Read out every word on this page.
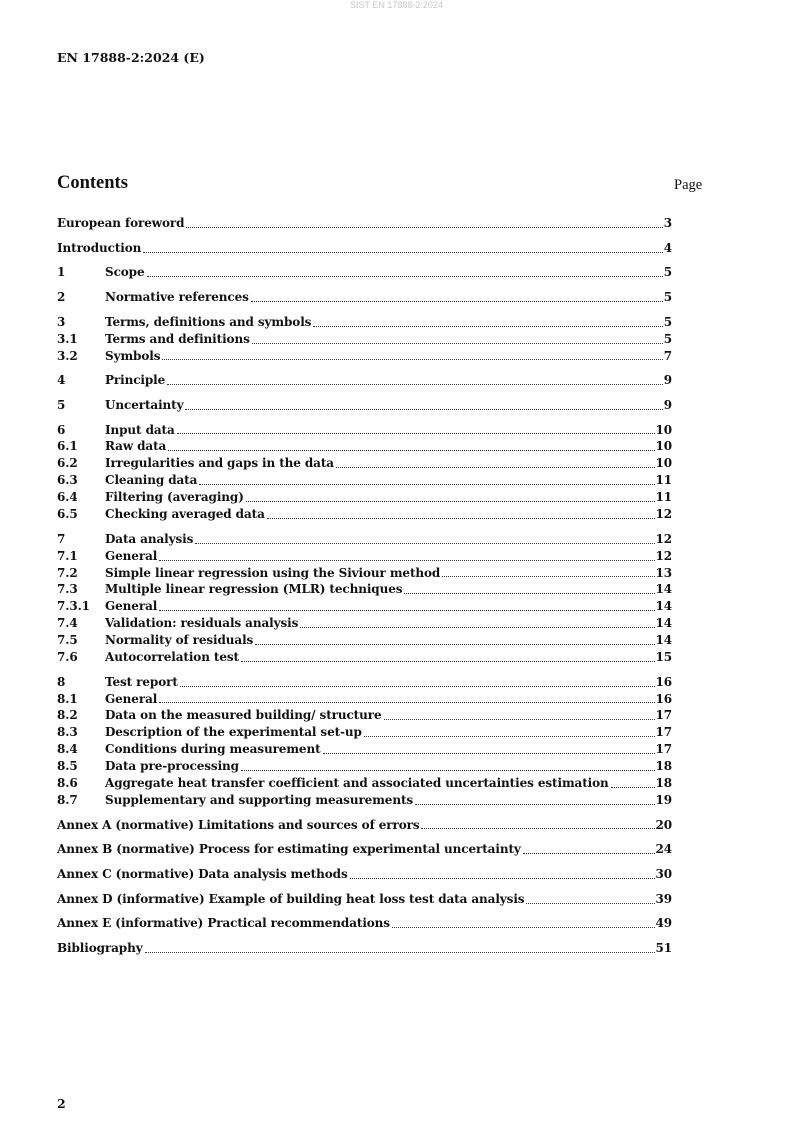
SIST EN 17888-2:2024
EN 17888-2:2024 (E)
Contents	Page
European foreword	3
Introduction	4
1	Scope	5
2	Normative references	5
3	Terms, definitions and symbols	5
3.1	Terms and definitions	5
3.2	Symbols	7
4	Principle	9
5	Uncertainty	9
6	Input data	10
6.1	Raw data	10
6.2	Irregularities and gaps in the data	10
6.3	Cleaning data	11
6.4	Filtering (averaging)	11
6.5	Checking averaged data	12
7	Data analysis	12
7.1	General	12
7.2	Simple linear regression using the Siviour method	13
7.3	Multiple linear regression (MLR) techniques	14
7.3.1	General	14
7.4	Validation: residuals analysis	14
7.5	Normality of residuals	14
7.6	Autocorrelation test	15
8	Test report	16
8.1	General	16
8.2	Data on the measured building/ structure	17
8.3	Description of the experimental set-up	17
8.4	Conditions during measurement	17
8.5	Data pre-processing	18
8.6	Aggregate heat transfer coefficient and associated uncertainties estimation	18
8.7	Supplementary and supporting measurements	19
Annex A (normative) Limitations and sources of errors	20
Annex B (normative) Process for estimating experimental uncertainty	24
Annex C (normative) Data analysis methods	30
Annex D (informative) Example of building heat loss test data analysis	39
Annex E (informative) Practical recommendations	49
Bibliography	51
2
